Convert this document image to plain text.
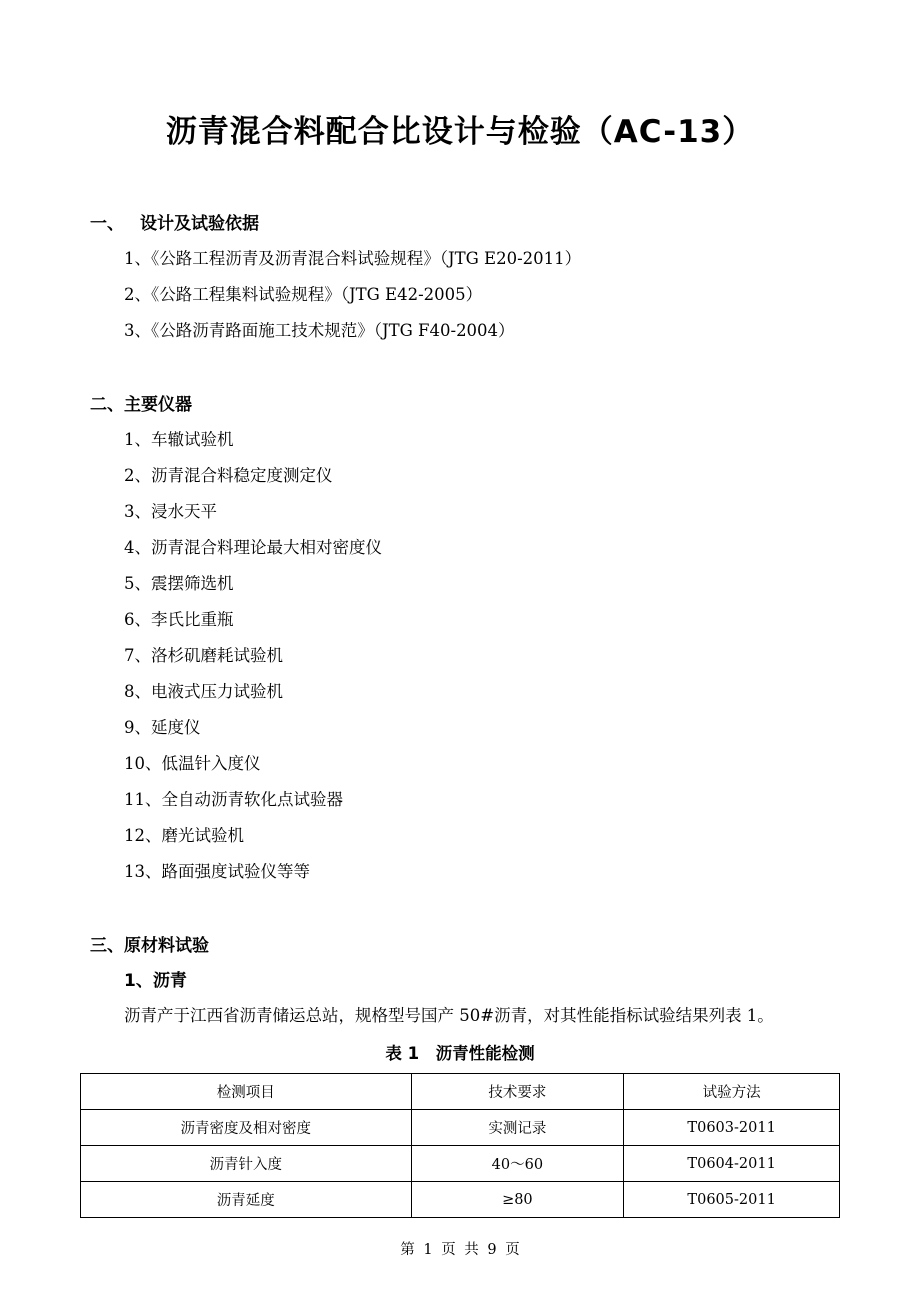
沥青混合料配合比设计与检验（AC-13）
一、 设计及试验依据
1、《公路工程沥青及沥青混合料试验规程》（JTG E20-2011）
2、《公路工程集料试验规程》（JTG E42-2005）
3、《公路沥青路面施工技术规范》（JTG F40-2004）
二、主要仪器
1、车辙试验机
2、沥青混合料稳定度测定仪
3、浸水天平
4、沥青混合料理论最大相对密度仪
5、震摆筛选机
6、李氏比重瓶
7、洛杉矶磨耗试验机
8、电液式压力试验机
9、延度仪
10、低温针入度仪
11、全自动沥青软化点试验器
12、磨光试验机
13、路面强度试验仪等等
三、原材料试验
1、沥青
沥青产于江西省沥青储运总站，规格型号国产 50#沥青，对其性能指标试验结果列表 1。
表 1　沥青性能检测
检测项目	技术要求	试验方法
沥青密度及相对密度	实测记录	T0603-2011
沥青针入度	40～60	T0604-2011
沥青延度	≥80	T0605-2011
第 1 页 共 9 页
